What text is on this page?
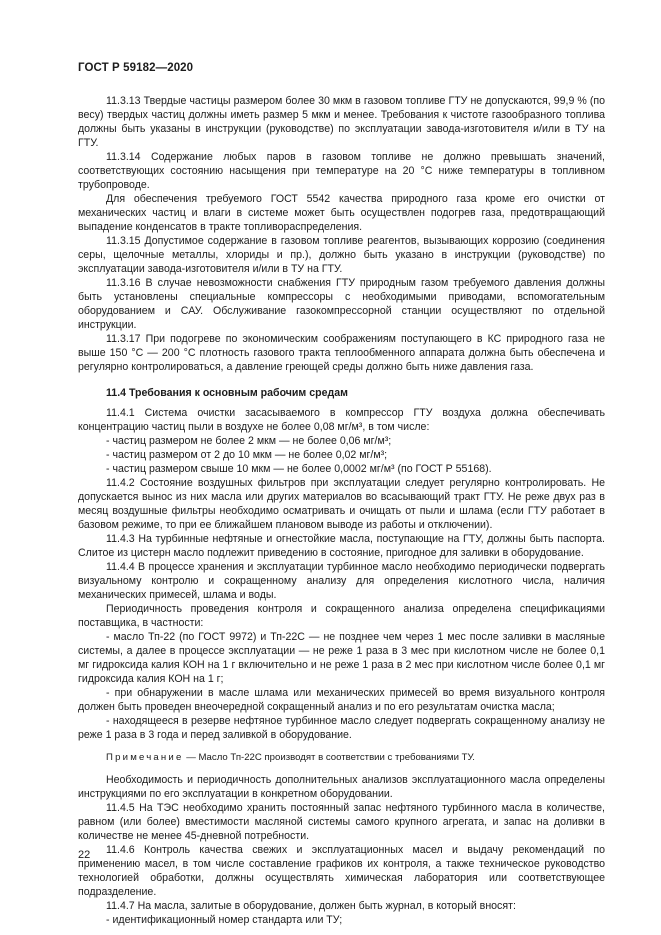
ГОСТ Р 59182—2020

11.3.13 Твердые частицы размером более 30 мкм в газовом топливе ГТУ не допускаются, 99,9 % (по весу) твердых частиц должны иметь размер 5 мкм и менее. Требования к чистоте газообразного топлива должны быть указаны в инструкции (руководстве) по эксплуатации завода-изготовителя и/или в ТУ на ГТУ.

11.3.14 Содержание любых паров в газовом топливе не должно превышать значений, соответствующих состоянию насыщения при температуре на 20 °С ниже температуры в топливном трубопроводе.

Для обеспечения требуемого ГОСТ 5542 качества природного газа кроме его очистки от механических частиц и влаги в системе может быть осуществлен подогрев газа, предотвращающий выпадение конденсатов в тракте топливораспределения.

11.3.15 Допустимое содержание в газовом топливе реагентов, вызывающих коррозию (соединения серы, щелочные металлы, хлориды и пр.), должно быть указано в инструкции (руководстве) по эксплуатации завода-изготовителя и/или в ТУ на ГТУ.

11.3.16 В случае невозможности снабжения ГТУ природным газом требуемого давления должны быть установлены специальные компрессоры с необходимыми приводами, вспомогательным оборудованием и САУ. Обслуживание газокомпрессорной станции осуществляют по отдельной инструкции.

11.3.17 При подогреве по экономическим соображениям поступающего в КС природного газа не выше 150 °С — 200 °С плотность газового тракта теплообменного аппарата должна быть обеспечена и регулярно контролироваться, а давление греющей среды должно быть ниже давления газа.

11.4 Требования к основным рабочим средам

11.4.1 Система очистки засасываемого в компрессор ГТУ воздуха должна обеспечивать концентрацию частиц пыли в воздухе не более 0,08 мг/м³, в том числе:

- частиц размером не более 2 мкм — не более 0,06 мг/м³;

- частиц размером от 2 до 10 мкм — не более 0,02 мг/м³;

- частиц размером свыше 10 мкм — не более 0,0002 мг/м³ (по ГОСТ Р 55168).

11.4.2 Состояние воздушных фильтров при эксплуатации следует регулярно контролировать. Не допускается вынос из них масла или других материалов во всасывающий тракт ГТУ. Не реже двух раз в месяц воздушные фильтры необходимо осматривать и очищать от пыли и шлама (если ГТУ работает в базовом режиме, то при ее ближайшем плановом выводе из работы и отключении).

11.4.3 На турбинные нефтяные и огнестойкие масла, поступающие на ГТУ, должны быть паспорта. Слитое из цистерн масло подлежит приведению в состояние, пригодное для заливки в оборудование.

11.4.4 В процессе хранения и эксплуатации турбинное масло необходимо периодически подвергать визуальному контролю и сокращенному анализу для определения кислотного числа, наличия механических примесей, шлама и воды.

Периодичность проведения контроля и сокращенного анализа определена спецификациями поставщика, в частности:

- масло Тп-22 (по ГОСТ 9972) и Тп-22С — не позднее чем через 1 мес после заливки в масляные системы, а далее в процессе эксплуатации — не реже 1 раза в 3 мес при кислотном числе не более 0,1 мг гидроксида калия КОН на 1 г включительно и не реже 1 раза в 2 мес при кислотном числе более 0,1 мг гидроксида калия КОН на 1 г;

- при обнаружении в масле шлама или механических примесей во время визуального контроля должен быть проведен внеочередной сокращенный анализ и по его результатам очистка масла;

- находящееся в резерве нефтяное турбинное масло следует подвергать сокращенному анализу не реже 1 раза в 3 года и перед заливкой в оборудование.

Примечание — Масло Тп-22С производят в соответствии с требованиями ТУ.

Необходимость и периодичность дополнительных анализов эксплуатационного масла определены инструкциями по его эксплуатации в конкретном оборудовании.

11.4.5 На ТЭС необходимо хранить постоянный запас нефтяного турбинного масла в количестве, равном (или более) вместимости масляной системы самого крупного агрегата, и запас на доливки в количестве не менее 45-дневной потребности.

11.4.6 Контроль качества свежих и эксплуатационных масел и выдачу рекомендаций по применению масел, в том числе составление графиков их контроля, а также техническое руководство технологией обработки, должны осуществлять химическая лаборатория или соответствующее подразделение.

11.4.7 На масла, залитые в оборудование, должен быть журнал, в который вносят:

- идентификационный номер стандарта или ТУ;

22
